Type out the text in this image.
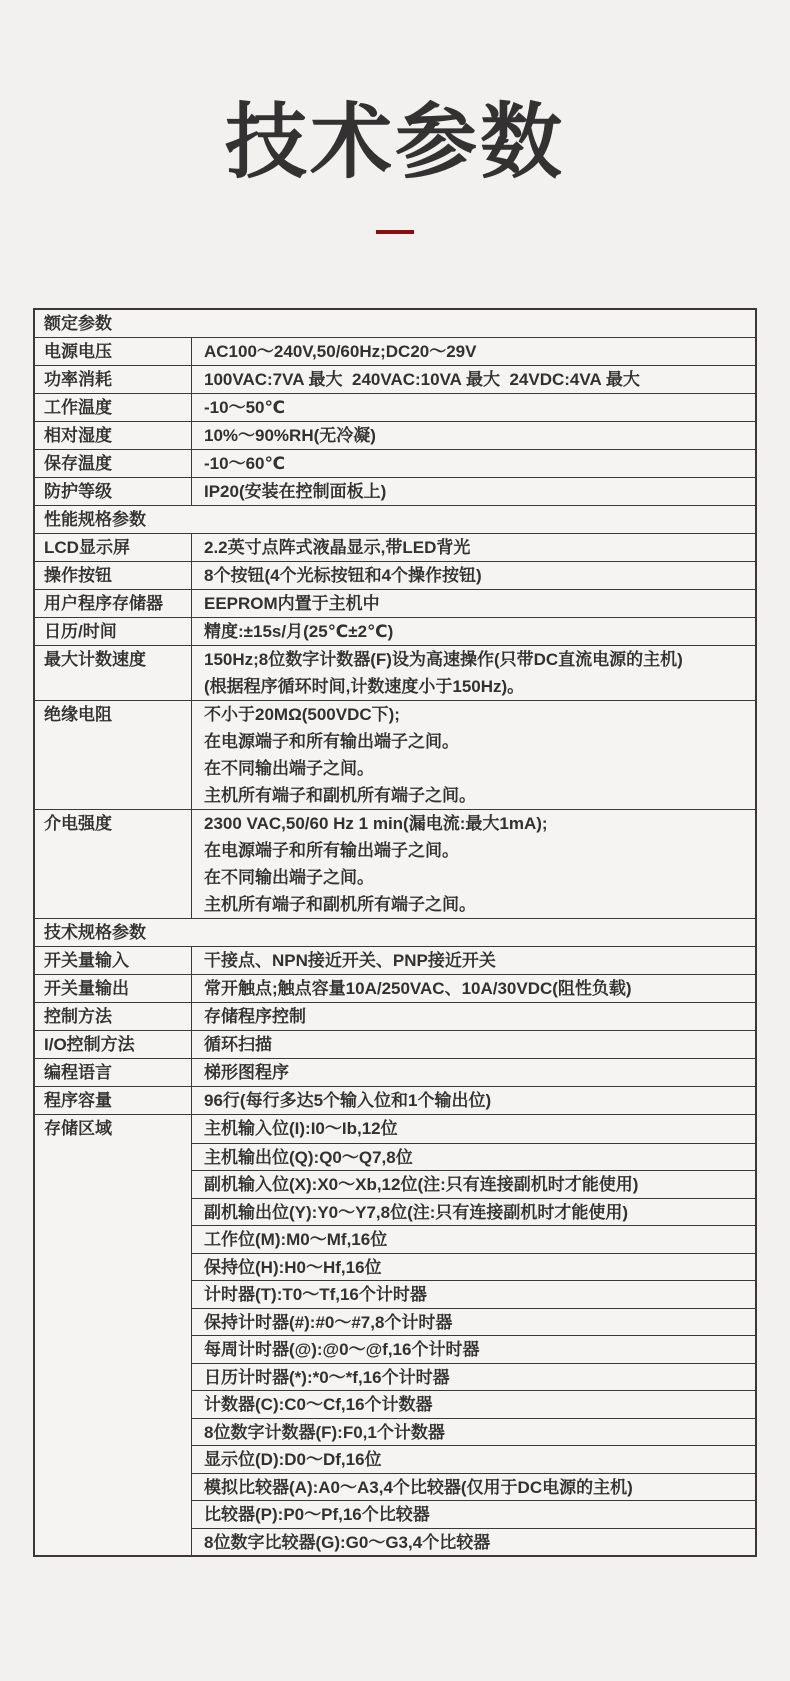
技术参数
额定参数
电源电压	AC100～240V,50/60Hz;DC20～29V
功率消耗	100VAC:7VA 最大  240VAC:10VA 最大  24VDC:4VA 最大
工作温度	-10～50℃
相对湿度	10%～90%RH(无冷凝)
保存温度	-10～60℃
防护等级	IP20(安装在控制面板上)
性能规格参数
LCD显示屏	2.2英寸点阵式液晶显示,带LED背光
操作按钮	8个按钮(4个光标按钮和4个操作按钮)
用户程序存储器	EEPROM内置于主机中
日历/时间	精度:±15s/月(25℃±2℃)
最大计数速度	150Hz;8位数字计数器(F)设为高速操作(只带DC直流电源的主机)
(根据程序循环时间,计数速度小于150Hz)。
绝缘电阻	不小于20MΩ(500VDC下);
在电源端子和所有输出端子之间。
在不同输出端子之间。
主机所有端子和副机所有端子之间。
介电强度	2300 VAC,50/60 Hz 1 min(漏电流:最大1mA);
在电源端子和所有输出端子之间。
在不同输出端子之间。
主机所有端子和副机所有端子之间。
技术规格参数
开关量输入	干接点、NPN接近开关、PNP接近开关
开关量输出	常开触点;触点容量10A/250VAC、10A/30VDC(阻性负载)
控制方法	存储程序控制
I/O控制方法	循环扫描
编程语言	梯形图程序
程序容量	96行(每行多达5个输入位和1个输出位)
存储区域	主机输入位(I):I0～Ib,12位
主机输出位(Q):Q0～Q7,8位
副机输入位(X):X0～Xb,12位(注:只有连接副机时才能使用)
副机输出位(Y):Y0～Y7,8位(注:只有连接副机时才能使用)
工作位(M):M0～Mf,16位
保持位(H):H0～Hf,16位
计时器(T):T0～Tf,16个计时器
保持计时器(#):#0～#7,8个计时器
每周计时器(@):@0～@f,16个计时器
日历计时器(*):*0～*f,16个计时器
计数器(C):C0～Cf,16个计数器
8位数字计数器(F):F0,1个计数器
显示位(D):D0～Df,16位
模拟比较器(A):A0～A3,4个比较器(仅用于DC电源的主机)
比较器(P):P0～Pf,16个比较器
8位数字比较器(G):G0～G3,4个比较器
